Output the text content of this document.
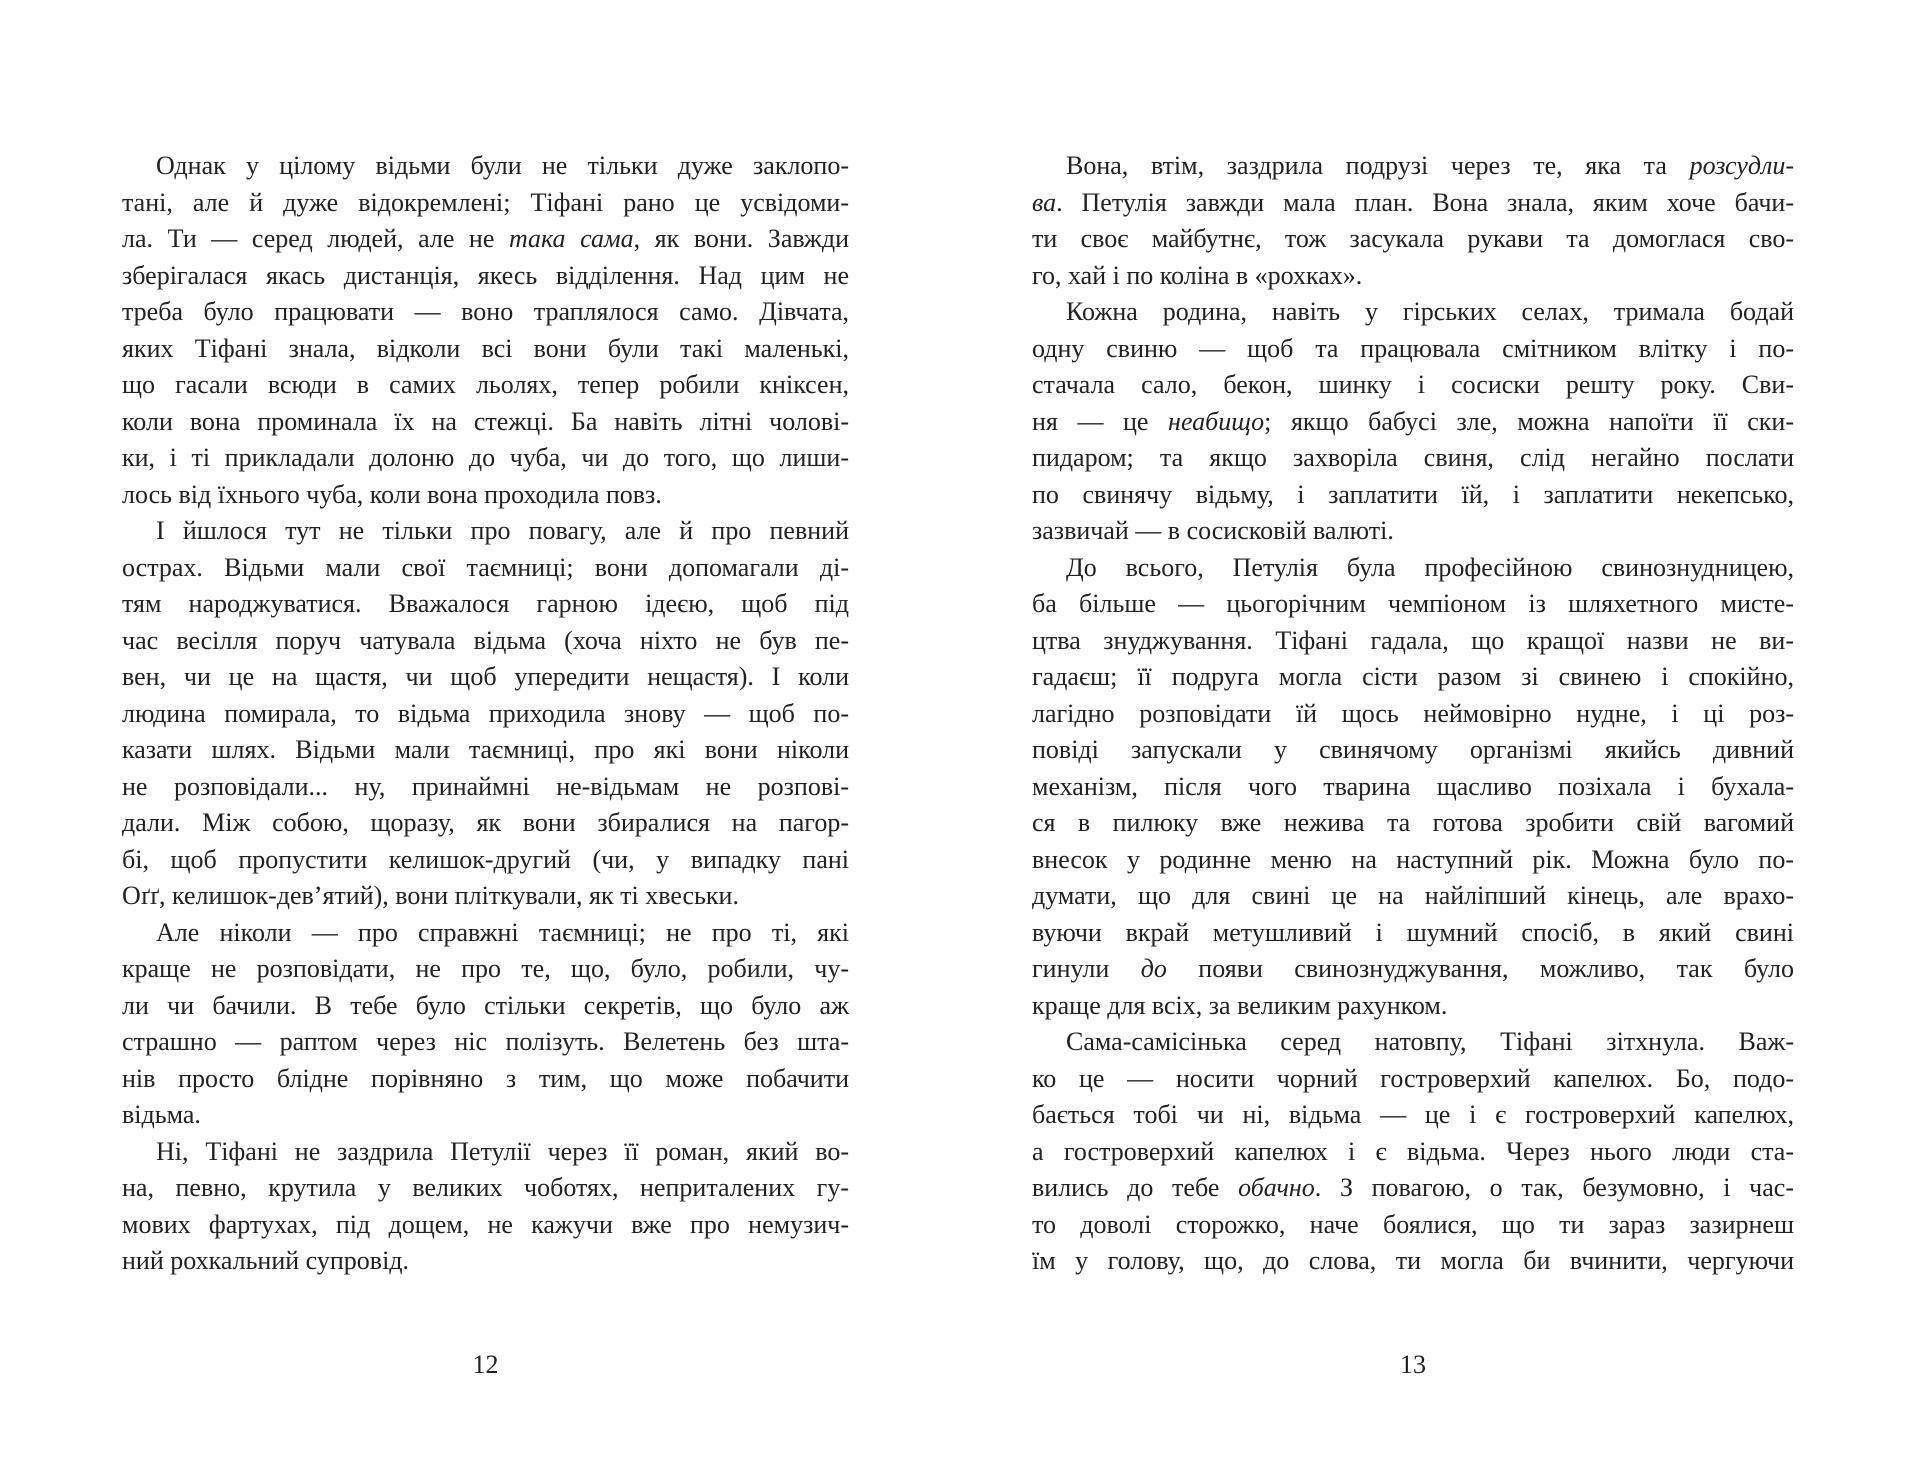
Однак у цілому відьми були не тільки дуже заклопо-
тані, але й дуже відокремлені; Тіфані рано це усвідоми-
ла. Ти — серед людей, але не така сама, як вони. Завжди
зберігалася якась дистанція, якесь відділення. Над цим не
треба було працювати — воно траплялося само. Дівчата,
яких Тіфані знала, відколи всі вони були такі маленькі,
що гасали всюди в самих льолях, тепер робили кніксен,
коли вона проминала їх на стежці. Ба навіть літні чолові-
ки, і ті прикладали долоню до чуба, чи до того, що лиши-
лось від їхнього чуба, коли вона проходила повз.
І йшлося тут не тільки про повагу, але й про певний
острах. Відьми мали свої таємниці; вони допомагали ді-
тям народжуватися. Вважалося гарною ідеєю, щоб під
час весілля поруч чатувала відьма (хоча ніхто не був пе-
вен, чи це на щастя, чи щоб упередити нещастя). І коли
людина помирала, то відьма приходила знову — щоб по-
казати шлях. Відьми мали таємниці, про які вони ніколи
не розповідали... ну, принаймні не-відьмам не розпові-
дали. Між собою, щоразу, як вони збиралися на пагор-
бі, щоб пропустити келишок-другий (чи, у випадку пані
Оґґ, келишок-дев’ятий), вони пліткували, як ті хвеськи.
Але ніколи — про справжні таємниці; не про ті, які
краще не розповідати, не про те, що, було, робили, чу-
ли чи бачили. В тебе було стільки секретів, що було аж
страшно — раптом через ніс полізуть. Велетень без шта-
нів просто блідне порівняно з тим, що може побачити
відьма.
Ні, Тіфані не заздрила Петулії через її роман, який во-
на, певно, крутила у великих чоботях, неприталених гу-
мових фартухах, під дощем, не кажучи вже про немузич-
ний рохкальний супровід.
Вона, втім, заздрила подрузі через те, яка та розсудли-
ва. Петулія завжди мала план. Вона знала, яким хоче бачи-
ти своє майбутнє, тож засукала рукави та домоглася сво-
го, хай і по коліна в «рохках».
Кожна родина, навіть у гірських селах, тримала бодай
одну свиню — щоб та працювала смітником влітку і по-
стачала сало, бекон, шинку і сосиски решту року. Сви-
ня — це неабищо; якщо бабусі зле, можна напоїти її ски-
пидаром; та якщо захворіла свиня, слід негайно послати
по свинячу відьму, і заплатити їй, і заплатити некепсько,
зазвичай — в сосисковій валюті.
До всього, Петулія була професійною свинознудницею,
ба більше — цьогорічним чемпіоном із шляхетного мисте-
цтва знуджування. Тіфані гадала, що кращої назви не ви-
гадаєш; її подруга могла сісти разом зі свинею і спокійно,
лагідно розповідати їй щось неймовірно нудне, і ці роз-
повіді запускали у свинячому організмі якийсь дивний
механізм, після чого тварина щасливо позіхала і бухала-
ся в пилюку вже нежива та готова зробити свій вагомий
внесок у родинне меню на наступний рік. Можна було по-
думати, що для свині це на найліпший кінець, але врахо-
вуючи вкрай метушливий і шумний спосіб, в який свині
гинули до появи свинознуджування, можливо, так було
краще для всіх, за великим рахунком.
Сама-самісінька серед натовпу, Тіфані зітхнула. Важ-
ко це — носити чорний гостроверхий капелюх. Бо, подо-
бається тобі чи ні, відьма — це і є гостроверхий капелюх,
а гостроверхий капелюх і є відьма. Через нього люди ста-
вились до тебе обачно. З повагою, о так, безумовно, і час-
то доволі сторожко, наче боялися, що ти зараз зазирнеш
їм у голову, що, до слова, ти могла би вчинити, чергуючи
12	13
